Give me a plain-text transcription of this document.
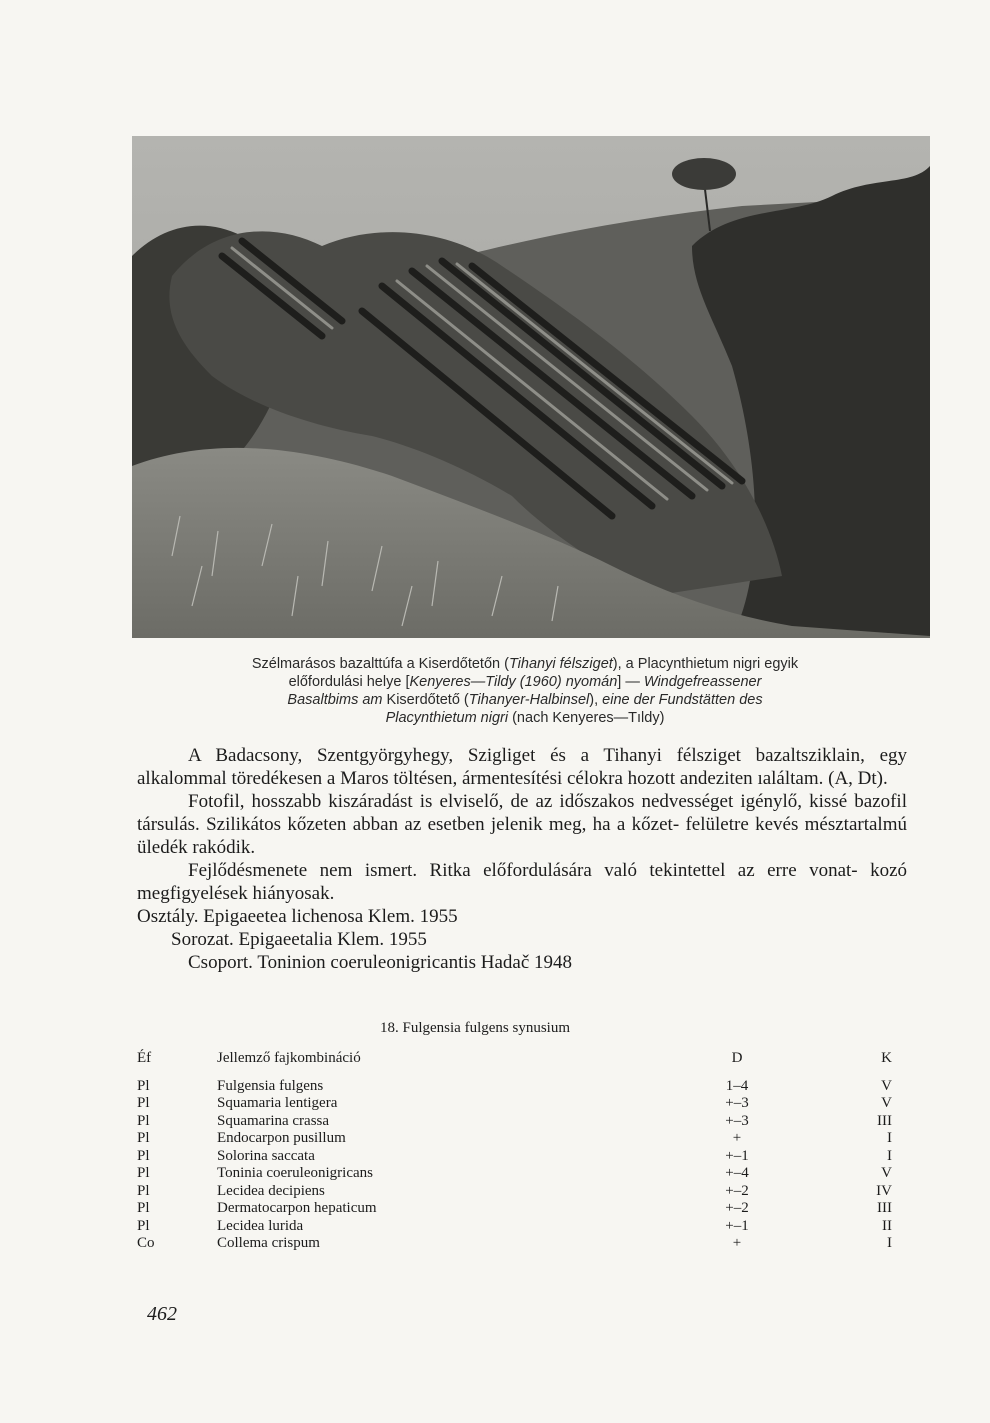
Szélmarásos bazalttúfa a Kiserdőtetőn (Tihanyi félsziget), a Placynthietum nigri egyik
előfordulási helye [Kenyeres—Tildy (1960) nyomán] — Windgefreassener
Basaltbims am Kiserdőtető (Tihanyer-Halbinsel), eine der Fundstätten des
Placynthietum nigri (nach Kenyeres—Tıldy)

A Badacsony, Szentgyörgyhegy, Szigliget és a Tihanyi félsziget bazaltsziklain, egy alkalommal töredékesen a Maros töltésen, ármentesítési célokra hozott andeziten ıaláltam. (A, Dt).

Fotofil, hosszabb kiszáradást is elviselő, de az időszakos nedvességet igénylő, kissé bazofil társulás. Szilikátos kőzeten abban az esetben jelenik meg, ha a kőzet- felületre kevés mésztartalmú üledék rakódik.

Fejlődésmenete nem ismert. Ritka előfordulására való tekintettel az erre vonat- kozó megfigyelések hiányosak.

Osztály. Epigaeetea lichenosa Klem. 1955
Sorozat. Epigaeetalia Klem. 1955
Csoport. Toninion coeruleonigricantis Hadač 1948
18. Fulgensia fulgens synusium
Éf	Jellemző fajkombináció	D	K
Pl	Fulgensia fulgens	1–4	V
Pl	Squamaria lentigera	+–3	V
Pl	Squamarina crassa	+–3	III
Pl	Endocarpon pusillum	+	I
Pl	Solorina saccata	+–1	I
Pl	Toninia coeruleonigricans	+–4	V
Pl	Lecidea decipiens	+–2	IV
Pl	Dermatocarpon hepaticum	+–2	III
Pl	Lecidea lurida	+–1	II
Co	Collema crispum	+	I
462
